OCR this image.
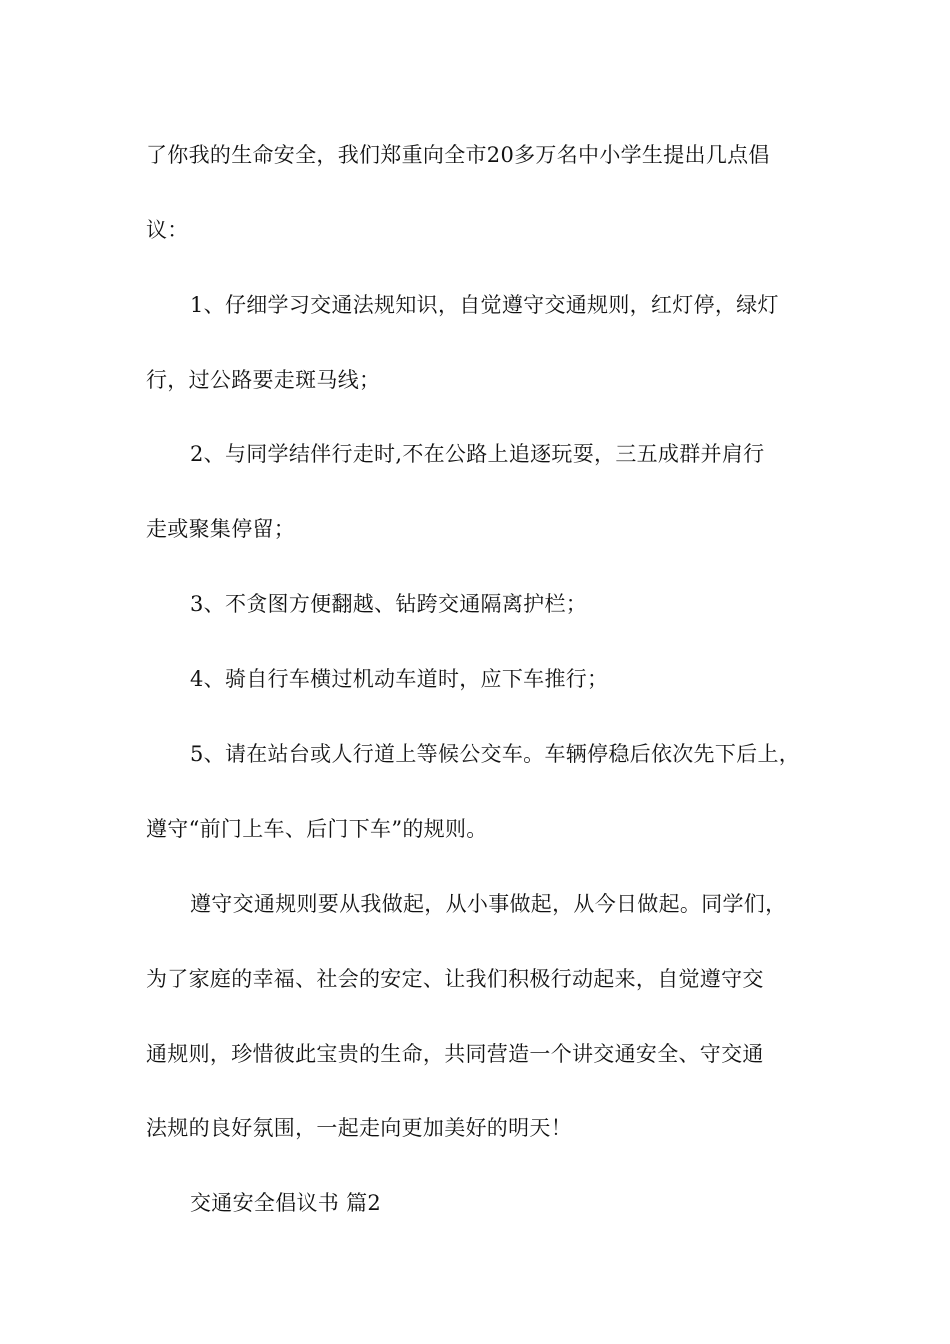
了你我的生命安全，我们郑重向全市20多万名中小学生提出几点倡
议：
1、仔细学习交通法规知识，自觉遵守交通规则，红灯停，绿灯
行，过公路要走斑马线；
2、与同学结伴行走时,不在公路上追逐玩耍，三五成群并肩行
走或聚集停留；
3、不贪图方便翻越、钻跨交通隔离护栏；
4、骑自行车横过机动车道时，应下车推行；
5、请在站台或人行道上等候公交车。车辆停稳后依次先下后上，
遵守“前门上车、后门下车”的规则。
遵守交通规则要从我做起，从小事做起，从今日做起。同学们，
为了家庭的幸福、社会的安定、让我们积极行动起来，自觉遵守交
通规则，珍惜彼此宝贵的生命，共同营造一个讲交通安全、守交通
法规的良好氛围，一起走向更加美好的明天！
交通安全倡议书 篇2
